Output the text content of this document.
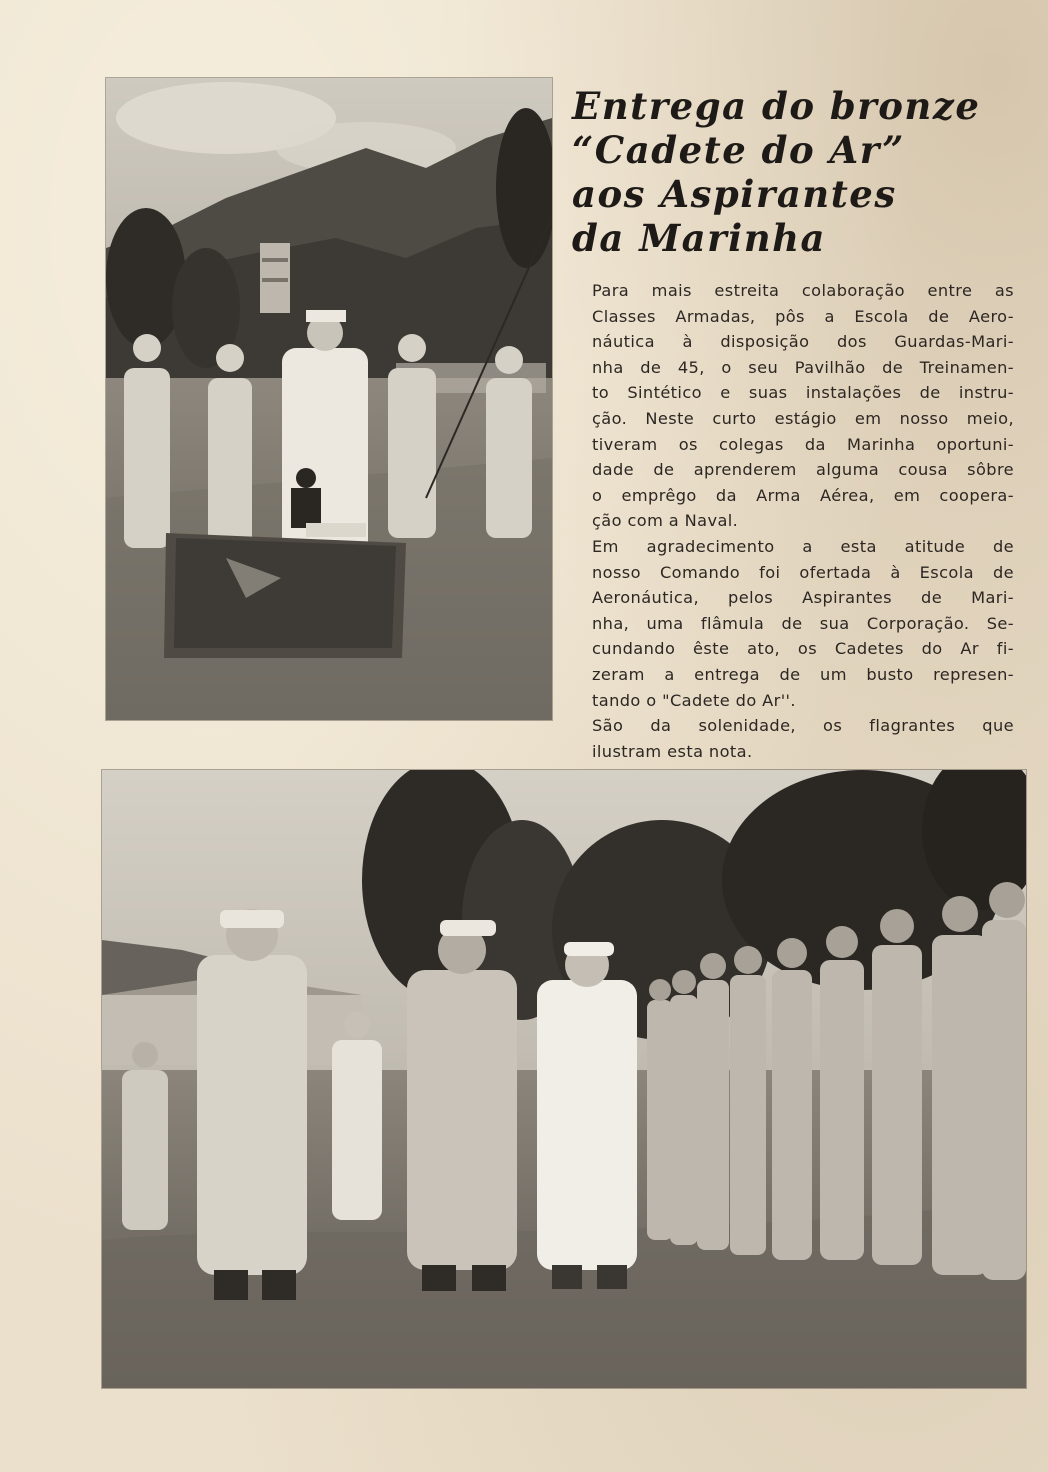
Entrega do bronze
“Cadete do Ar”
aos Aspirantes
da Marinha

Para mais estreita colaboração entre as
Classes Armadas, pôs a Escola de Aero-
náutica à disposição dos Guardas-Mari-
nha de 45, o seu Pavilhão de Treinamen-
to Sintético e suas instalações de instru-
ção. Neste curto estágio em nosso meio,
tiveram os colegas da Marinha oportuni-
dade de aprenderem alguma cousa sôbre
o emprêgo da Arma Aérea, em coopera-
ção com a Naval.

Em agradecimento a esta atitude de
nosso Comando foi ofertada à Escola de
Aeronáutica, pelos Aspirantes de Mari-
nha, uma flâmula de sua Corporação. Se-
cundando êste ato, os Cadetes do Ar fi-
zeram a entrega de um busto represen-
tando o "Cadete do Ar''.

São da solenidade, os flagrantes que
ilustram esta nota.
